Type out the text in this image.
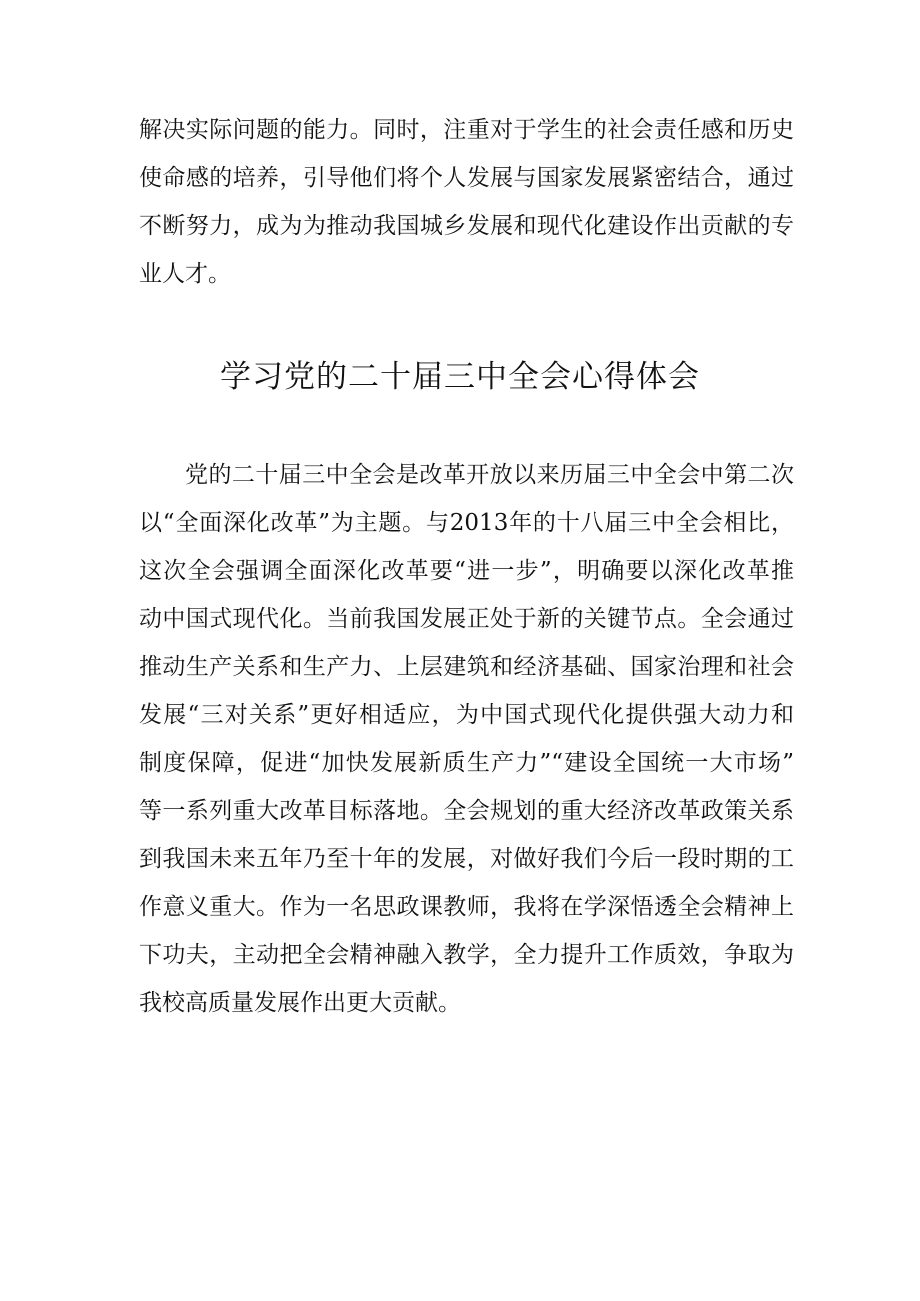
解决实际问题的能力。同时，注重对于学生的社会责任感和历史
使命感的培养，引导他们将个人发展与国家发展紧密结合，通过
不断努力，成为为推动我国城乡发展和现代化建设作出贡献的专
业人才。
学习党的二十届三中全会心得体会
党的二十届三中全会是改革开放以来历届三中全会中第二次
以“全面深化改革”为主题。与2013年的十八届三中全会相比，
这次全会强调全面深化改革要“进一步”，明确要以深化改革推
动中国式现代化。当前我国发展正处于新的关键节点。全会通过
推动生产关系和生产力、上层建筑和经济基础、国家治理和社会
发展“三对关系”更好相适应，为中国式现代化提供强大动力和
制度保障，促进“加快发展新质生产力”“建设全国统一大市场”
等一系列重大改革目标落地。全会规划的重大经济改革政策关系
到我国未来五年乃至十年的发展，对做好我们今后一段时期的工
作意义重大。作为一名思政课教师，我将在学深悟透全会精神上
下功夫，主动把全会精神融入教学，全力提升工作质效，争取为
我校高质量发展作出更大贡献。
